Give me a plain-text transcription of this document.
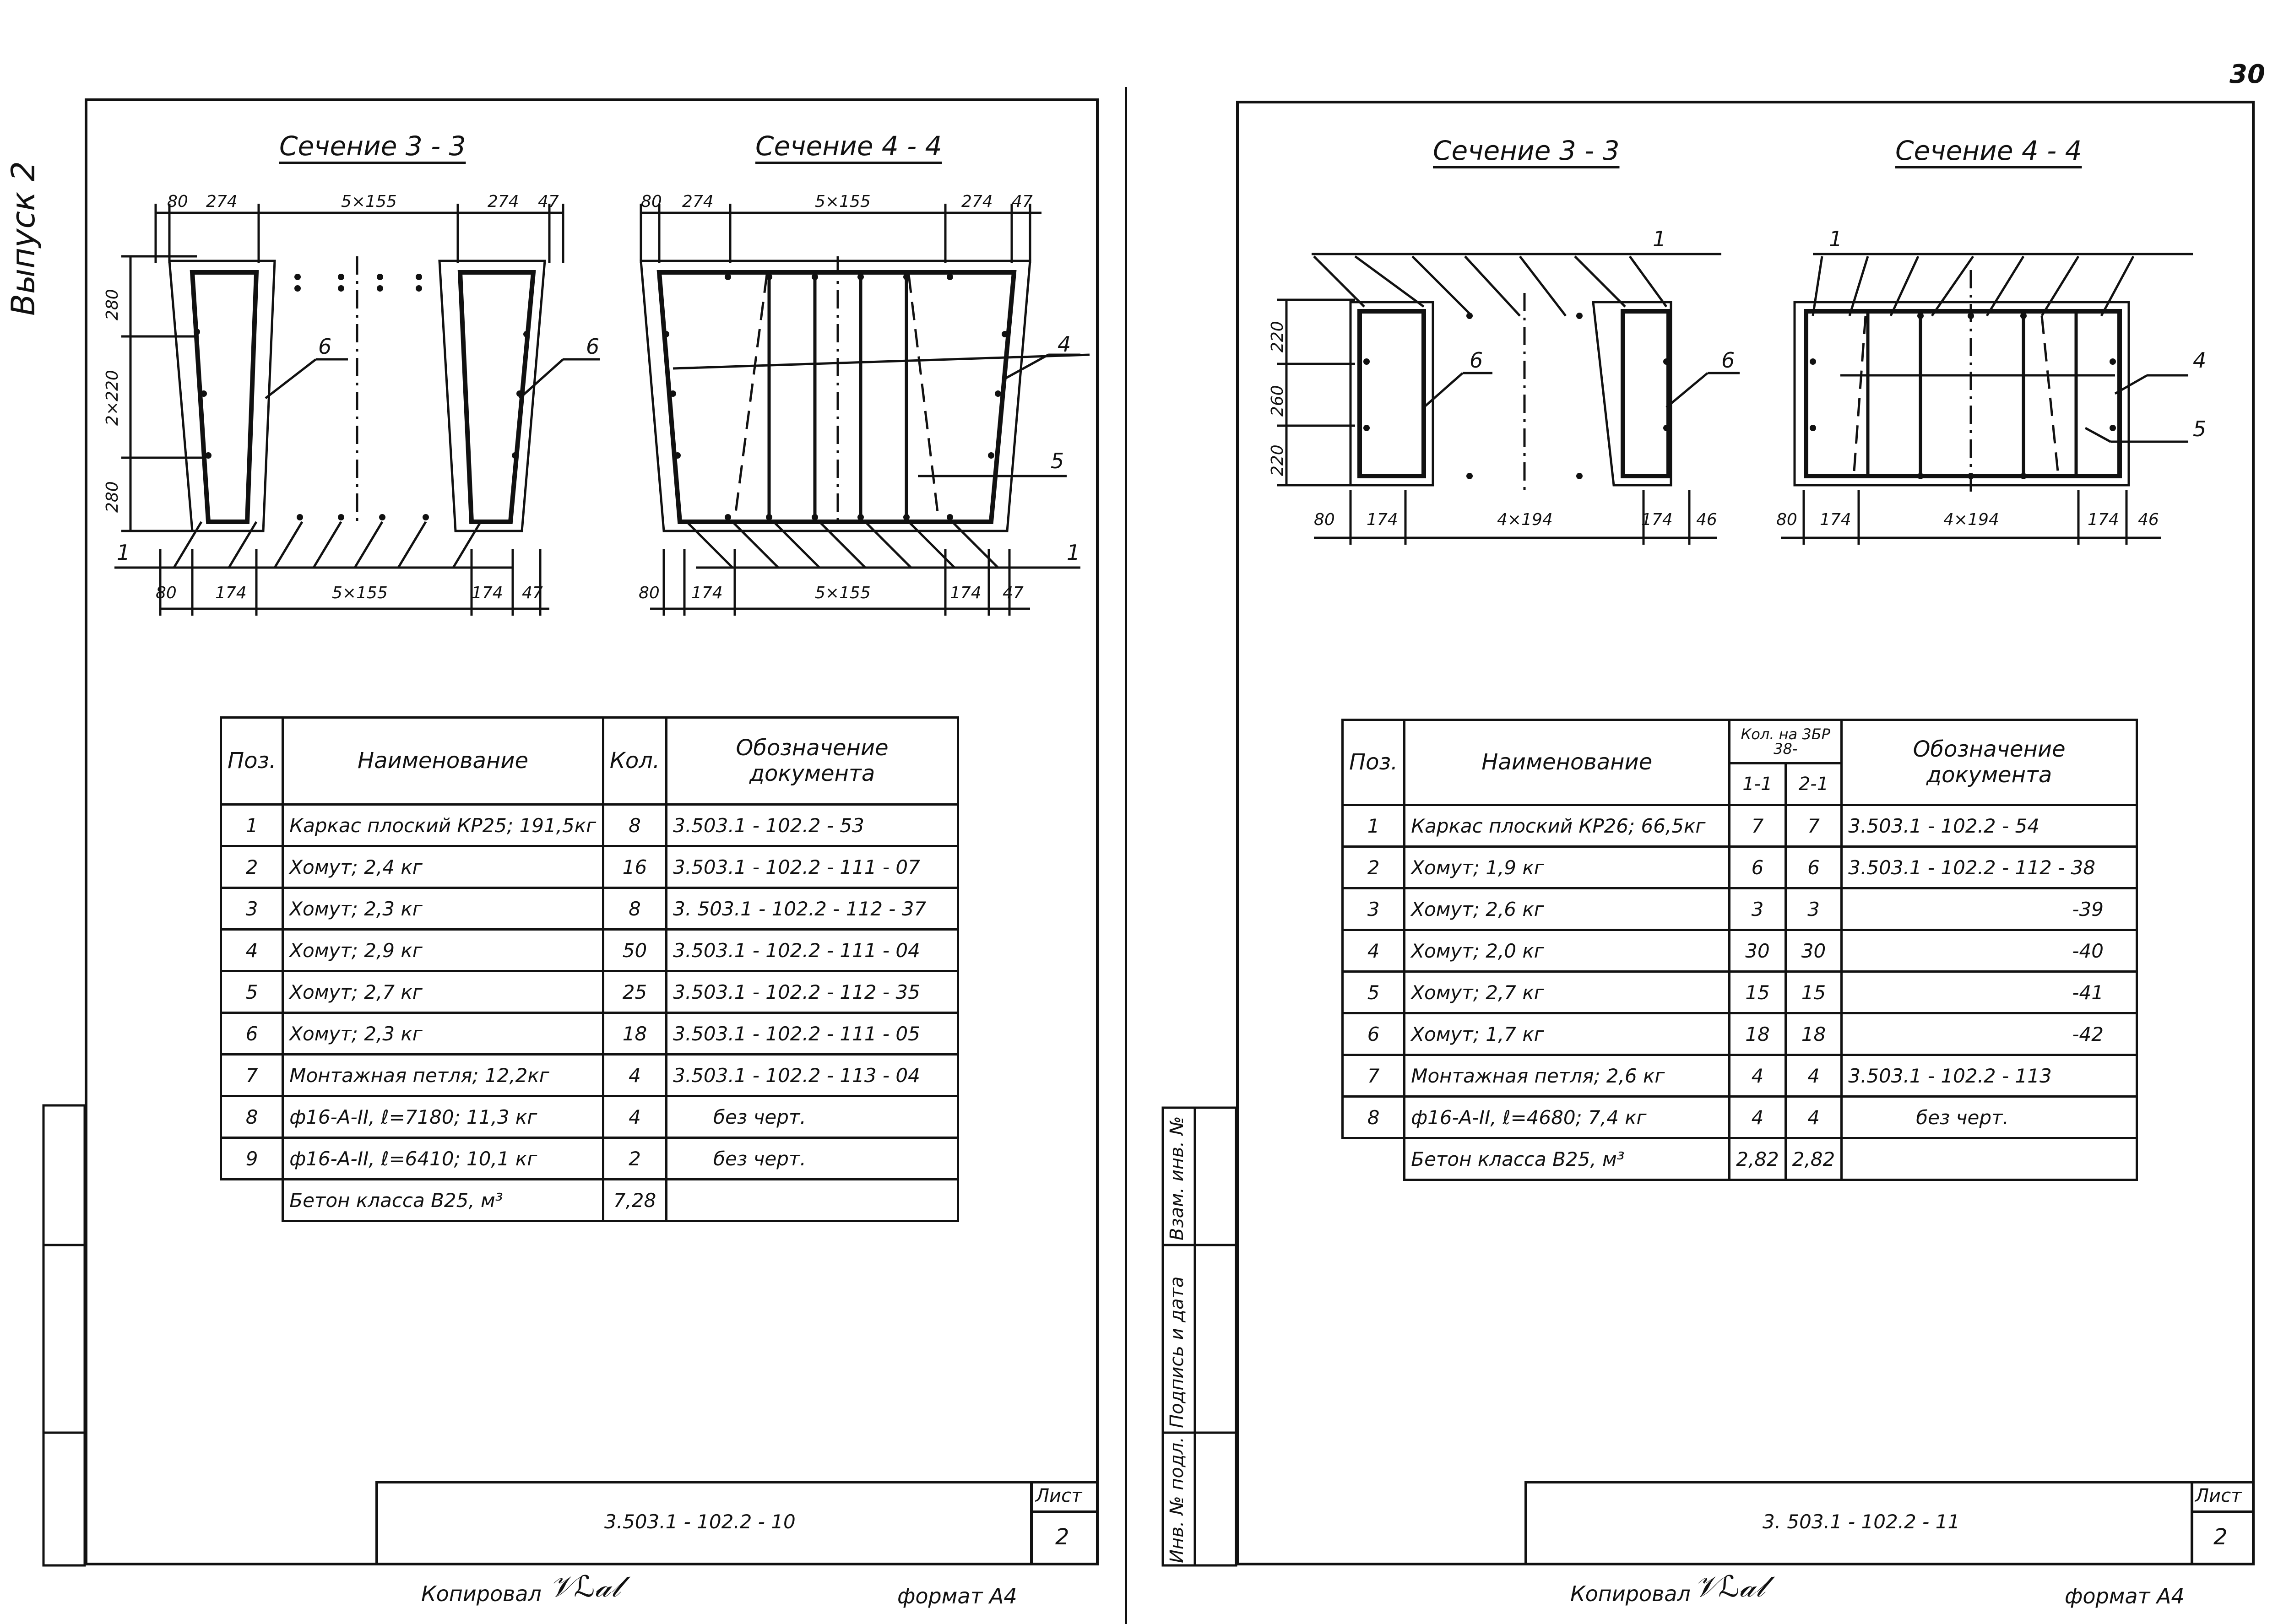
30
Выпуск 2
Сечение 3 - 3	Сечение 4 - 4
80 274	5×155	274 47	80 274	5×155	274 47
280
2×220
280
80 174	5×155	174 47	80 174	5×155	174 47
6	6
1
4
5
1
Поз.	Наименование	Кол.	Обозначение документа
1	Каркас плоский КР25; 191,5кг	8	3.503.1 - 102.2 - 53
2	Хомут; 2,4 кг	16	3.503.1 - 102.2 - 111 - 07
3	Хомут; 2,3 кг	8	3. 503.1 - 102.2 - 112 - 37
4	Хомут; 2,9 кг	50	3.503.1 - 102.2 - 111 - 04
5	Хомут; 2,7 кг	25	3.503.1 - 102.2 - 112 - 35
6	Хомут; 2,3 кг	18	3.503.1 - 102.2 - 111 - 05
7	Монтажная петля; 12,2кг	4	3.503.1 - 102.2 - 113 - 04
8	ф16-А-II, ℓ=7180; 11,3 кг	4	без черт.
9	ф16-А-II, ℓ=6410; 10,1 кг	2	без черт.
	Бетон класса В25, м³	7,28	
3.503.1 - 102.2 - 10
Лист
2
Копировал 𝒱ℒ𝒶𝓁	формат А4
Сечение 3 - 3	Сечение 4 - 4
1
6	6
1
4
5
220
260
220
80 174	4×194	174 46	80 174	4×194	174 46
Поз.	Наименование	Кол. на 3БР 38-		Обозначение документа
		1-1	2-1	
1	Каркас плоский КР26; 66,5кг	7	7	3.503.1 - 102.2 - 54
2	Хомут; 1,9 кг	6	6	3.503.1 - 102.2 - 112 - 38
3	Хомут; 2,6 кг	3	3	-39
4	Хомут; 2,0 кг	30	30	-40
5	Хомут; 2,7 кг	15	15	-41
6	Хомут; 1,7 кг	18	18	-42
7	Монтажная петля; 2,6 кг	4	4	3.503.1 - 102.2 - 113
8	ф16-А-II, ℓ=4680; 7,4 кг	4	4	без черт.
	Бетон класса В25, м³	2,82	2,82	
Инв. № подл.
Подпись и дата
Взам. инв. №
3. 503.1 - 102.2 - 11
Лист
2
Копировал 𝒱ℒ𝒶𝓁	формат А4
